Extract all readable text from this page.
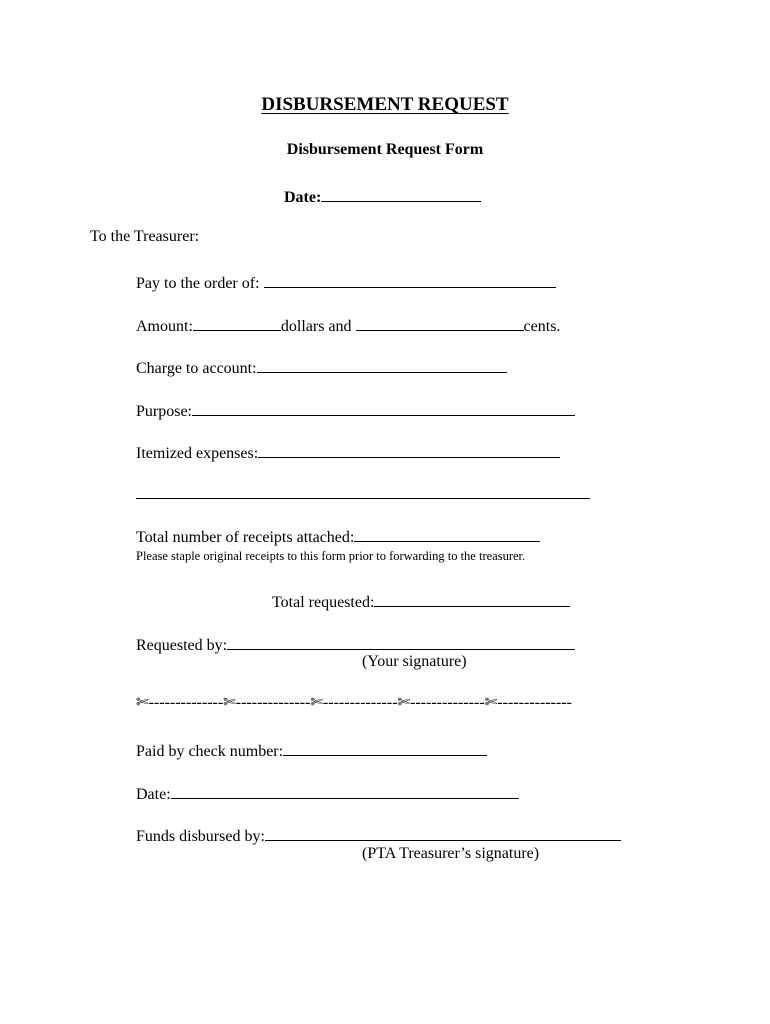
DISBURSEMENT REQUEST
Disbursement Request Form
Date:
To the Treasurer:
Pay to the order of:
Amount:	dollars and	cents.
Charge to account:
Purpose:
Itemized expenses:
Total number of receipts attached:
Please staple original receipts to this form prior to forwarding to the treasurer.
Total requested:
Requested by:
(Your signature)
✄--------------✄--------------✄--------------✄--------------✄--------------
Paid by check number:
Date:
Funds disbursed by:
(PTA Treasurer’s signature)
